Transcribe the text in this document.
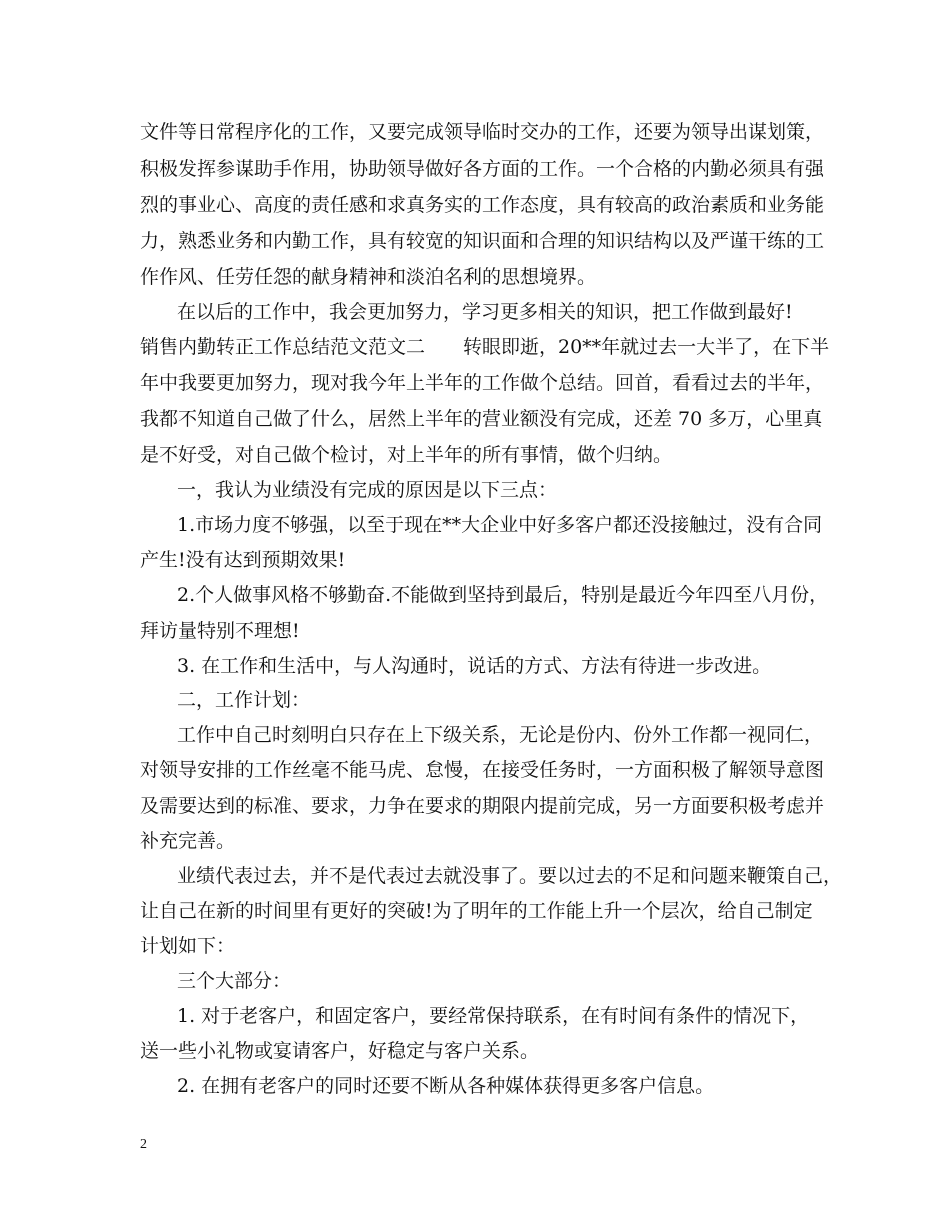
文件等日常程序化的工作，又要完成领导临时交办的工作，还要为领导出谋划策，
积极发挥参谋助手作用，协助领导做好各方面的工作。一个合格的内勤必须具有强
烈的事业心、高度的责任感和求真务实的工作态度，具有较高的政治素质和业务能
力，熟悉业务和内勤工作，具有较宽的知识面和合理的知识结构以及严谨干练的工
作作风、任劳任怨的献身精神和淡泊名利的思想境界。
在以后的工作中，我会更加努力，学习更多相关的知识，把工作做到最好!
销售内勤转正工作总结范文范文二　　转眼即逝，20**年就过去一大半了，在下半
年中我要更加努力，现对我今年上半年的工作做个总结。回首，看看过去的半年，
我都不知道自己做了什么，居然上半年的营业额没有完成，还差 70 多万，心里真
是不好受，对自己做个检讨，对上半年的所有事情，做个归纳。
一，我认为业绩没有完成的原因是以下三点：
1.市场力度不够强，以至于现在**大企业中好多客户都还没接触过，没有合同
产生!没有达到预期效果!
2.个人做事风格不够勤奋.不能做到坚持到最后，特别是最近今年四至八月份，
拜访量特别不理想!
3. 在工作和生活中，与人沟通时，说话的方式、方法有待进一步改进。
二，工作计划：
工作中自己时刻明白只存在上下级关系，无论是份内、份外工作都一视同仁，
对领导安排的工作丝毫不能马虎、怠慢，在接受任务时，一方面积极了解领导意图
及需要达到的标准、要求，力争在要求的期限内提前完成，另一方面要积极考虑并
补充完善。
业绩代表过去，并不是代表过去就没事了。要以过去的不足和问题来鞭策自己，
让自己在新的时间里有更好的突破!为了明年的工作能上升一个层次，给自己制定
计划如下：
三个大部分：
1. 对于老客户，和固定客户，要经常保持联系，在有时间有条件的情况下，
送一些小礼物或宴请客户，好稳定与客户关系。
2. 在拥有老客户的同时还要不断从各种媒体获得更多客户信息。
2
